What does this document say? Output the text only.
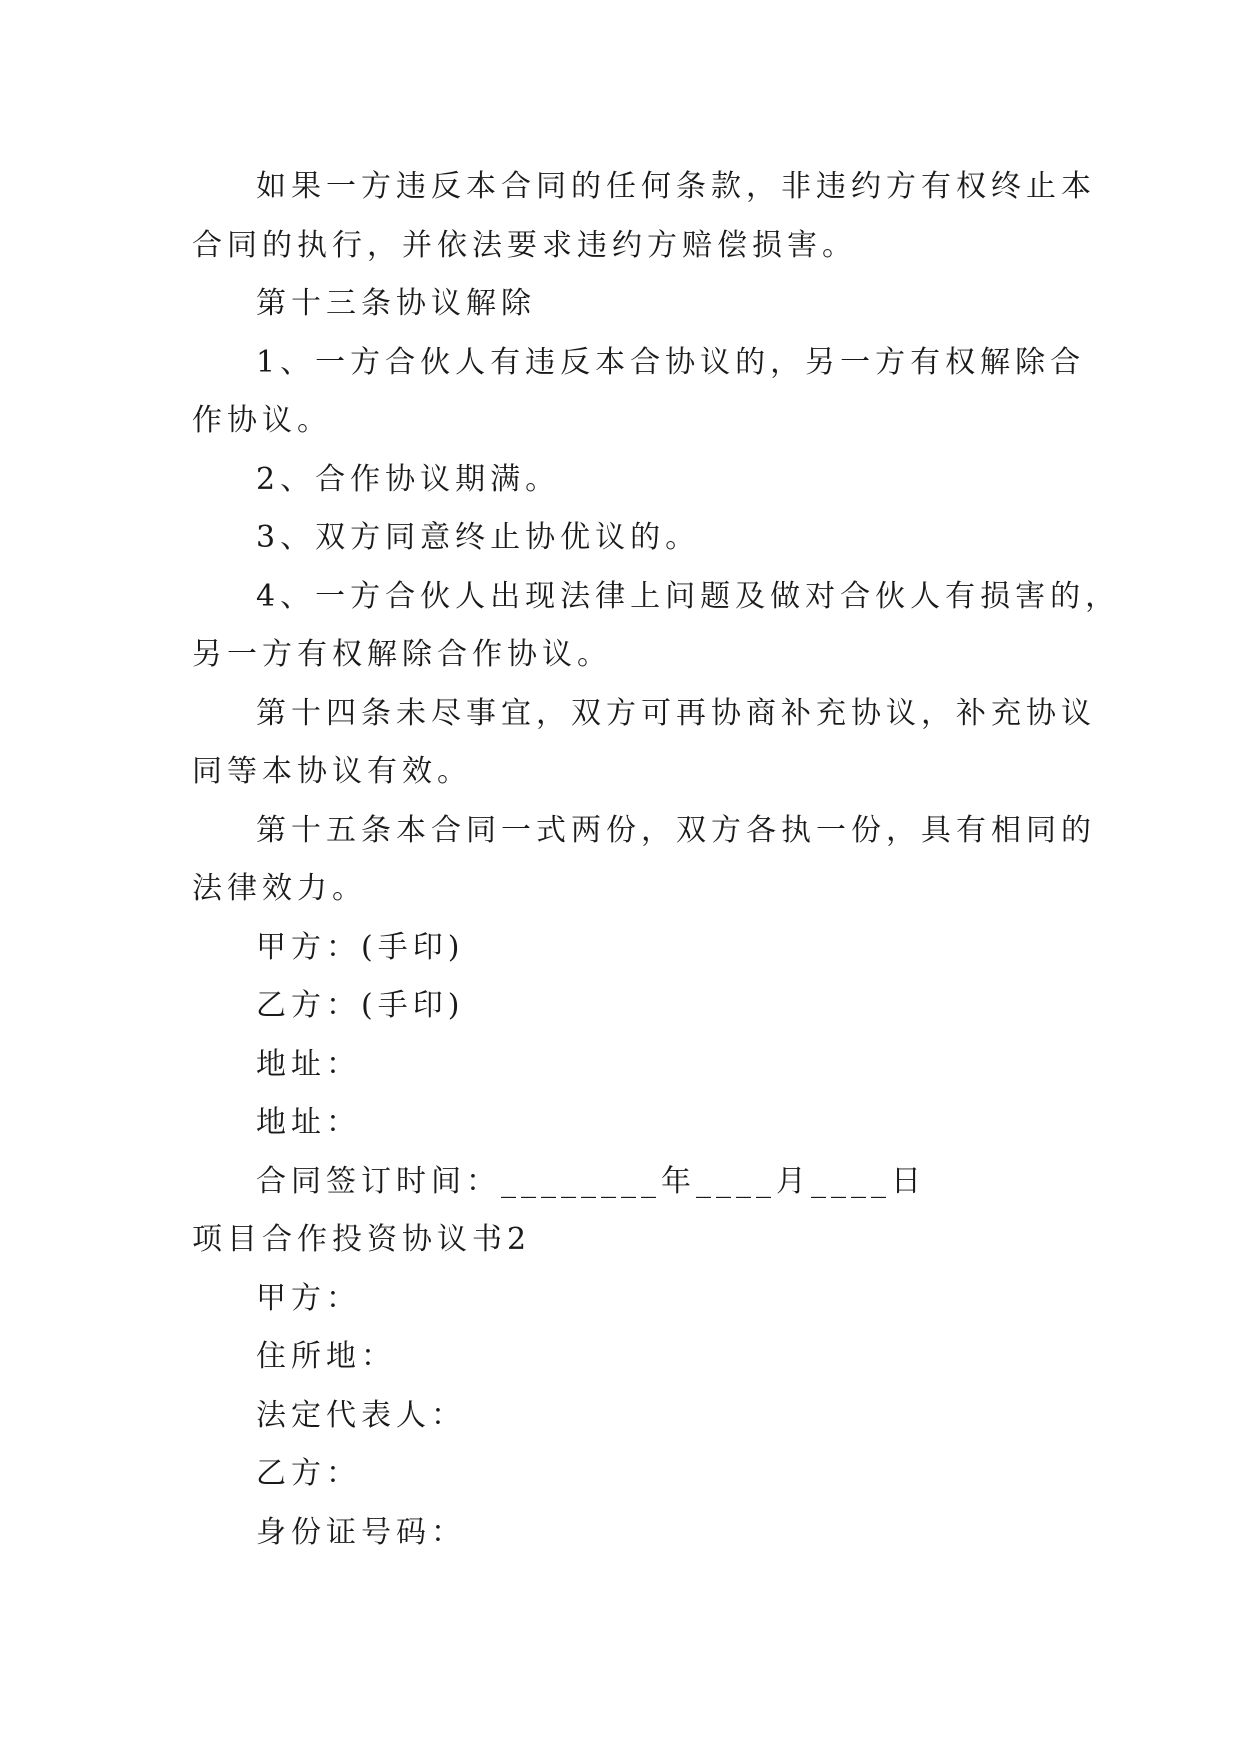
如果一方违反本合同的任何条款，非违约方有权终止本
合同的执行，并依法要求违约方赔偿损害。
第十三条协议解除
1、一方合伙人有违反本合协议的，另一方有权解除合
作协议。
2、合作协议期满。
3、双方同意终止协优议的。
4、一方合伙人出现法律上问题及做对合伙人有损害的，
另一方有权解除合作协议。
第十四条未尽事宜，双方可再协商补充协议，补充协议
同等本协议有效。
第十五条本合同一式两份，双方各执一份，具有相同的
法律效力。
甲方：(手印)
乙方：(手印)
地址：
地址：
合同签订时间：________年____月____日
项目合作投资协议书2
甲方：
住所地：
法定代表人：
乙方：
身份证号码：
